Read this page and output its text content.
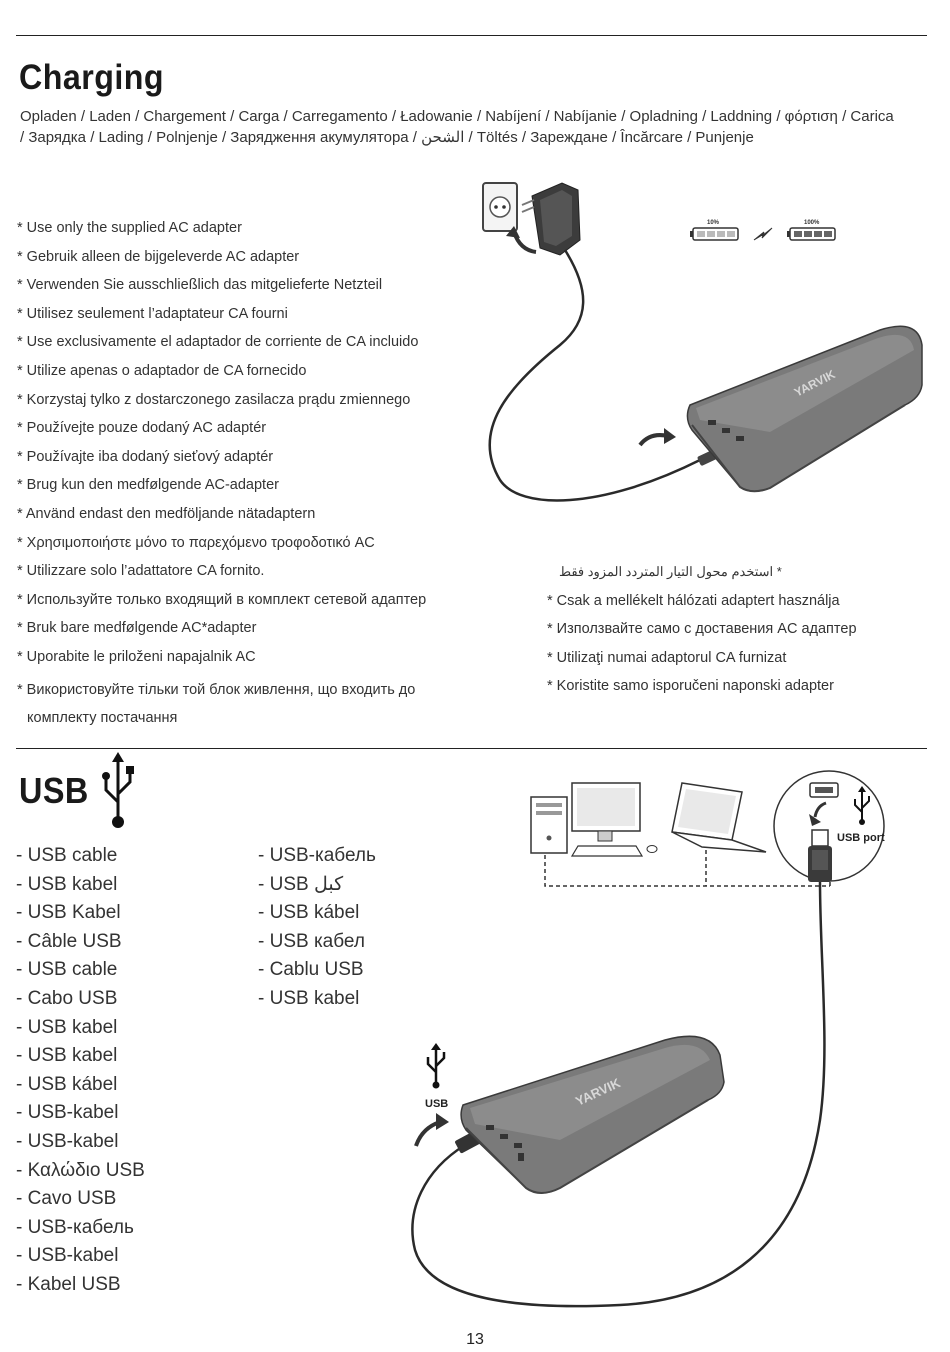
Charging
Opladen / Laden / Chargement / Carga / Carregamento / Ładowanie / Nabíjení / Nabíjanie / Opladning / Laddning / φόρτιση / Carica / Зарядка / Lading / Polnjenje / Зарядження акумулятора / الشحن / Töltés / Зареждане / Încărcare / Punjenje
YARVIK
10%	100%
* Use only the supplied AC adapter
* Gebruik alleen de bijgeleverde AC adapter
* Verwenden Sie ausschließlich das mitgelieferte Netzteil
* Utilisez seulement l’adaptateur CA fourni
* Use exclusivamente el adaptador de corriente de CA incluido
* Utilize apenas o adaptador de CA fornecido
* Korzystaj tylko z dostarczonego zasilacza prądu zmiennego
* Používejte pouze dodaný AC adaptér
* Používajte iba dodaný sieťový adaptér
* Brug kun den medfølgende AC-adapter
* Använd endast den medföljande nätadaptern
* Χρησιμοποιήστε μόνο το παρεχόμενο τροφοδοτικό AC
* Utilizzare solo l’adattatore CA fornito.
* Используйте только входящий в комплект сетевой адаптер
* Bruk bare medfølgende AC*adapter
* Uporabite le priloženi napajalnik AC
* Використовуйте тільки той блок живлення, що входить до комплекту постачання
* استخدم محول التيار المتردد المزود فقط
* Csak a mellékelt hálózati adaptert használja
* Използвайте само с доставения AC адаптер
* Utilizaţi numai adaptorul CA furnizat
* Koristite samo isporučeni naponski adapter
USB
- USB cable
- USB kabel
- USB Kabel
- Câble USB
- USB cable
- Cabo USB
- USB kabel
- USB kabel
- USB kábel
- USB-kabel
- USB-kabel
- Καλώδιο USB
- Cavo USB
- USB-кабель
- USB-kabel
- Kabel USB
- USB-кабель
- USB كبل
- USB kábel
- USB кабел
- Cablu USB
- USB kabel
USB port
USB	YARVIK
13
